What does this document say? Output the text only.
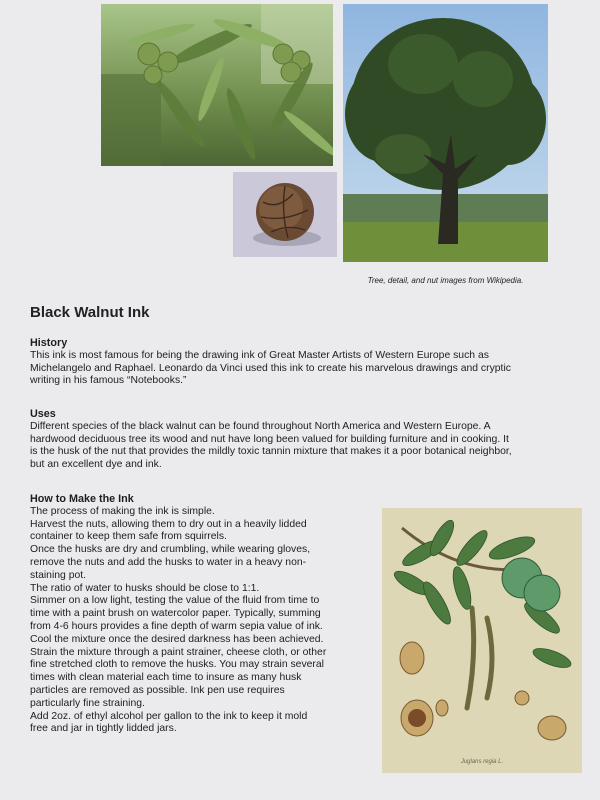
Tree, detail, and nut images from Wikipedia.
Black Walnut Ink
History

This ink is most famous for being the drawing ink of Great Master Artists of Western Europe such as

Michelangelo and Raphael. Leonardo da Vinci used this ink to create his marvelous drawings and cryptic

writing in his famous “Notebooks.”

Uses

Different species of the black walnut can be found throughout North America and Western Europe. A

hardwood deciduous tree its wood and nut have long been valued for building furniture and in cooking. It

is the husk of the nut that provides the mildly toxic tannin mixture that makes it a poor botanical neighbor,

but an excellent dye and ink.

How to Make the Ink

The process of making the ink is simple.

Harvest the nuts, allowing them to dry out in a heavily lidded

container to keep them safe from squirrels.

Once the husks are dry and crumbling, while wearing gloves,

remove the nuts and add the husks to water in a heavy non-

staining pot.

The ratio of water to husks should be close to 1:1.

Simmer on a low light, testing the value of the fluid from time to

time with a paint brush on watercolor paper. Typically, summing

from 4-6 hours provides a fine depth of warm sepia value of ink.

Cool the mixture once the desired darkness has been achieved.

Strain the mixture through a paint strainer, cheese cloth, or other

fine stretched cloth to remove the husks. You may strain several

times with clean material each time to insure as many husk

particles are removed as possible. Ink pen use requires

particularly fine straining.

Add 2oz. of ethyl alcohol per gallon to the ink to keep it mold

free and jar in tightly lidded jars.

Juglans regia L.
